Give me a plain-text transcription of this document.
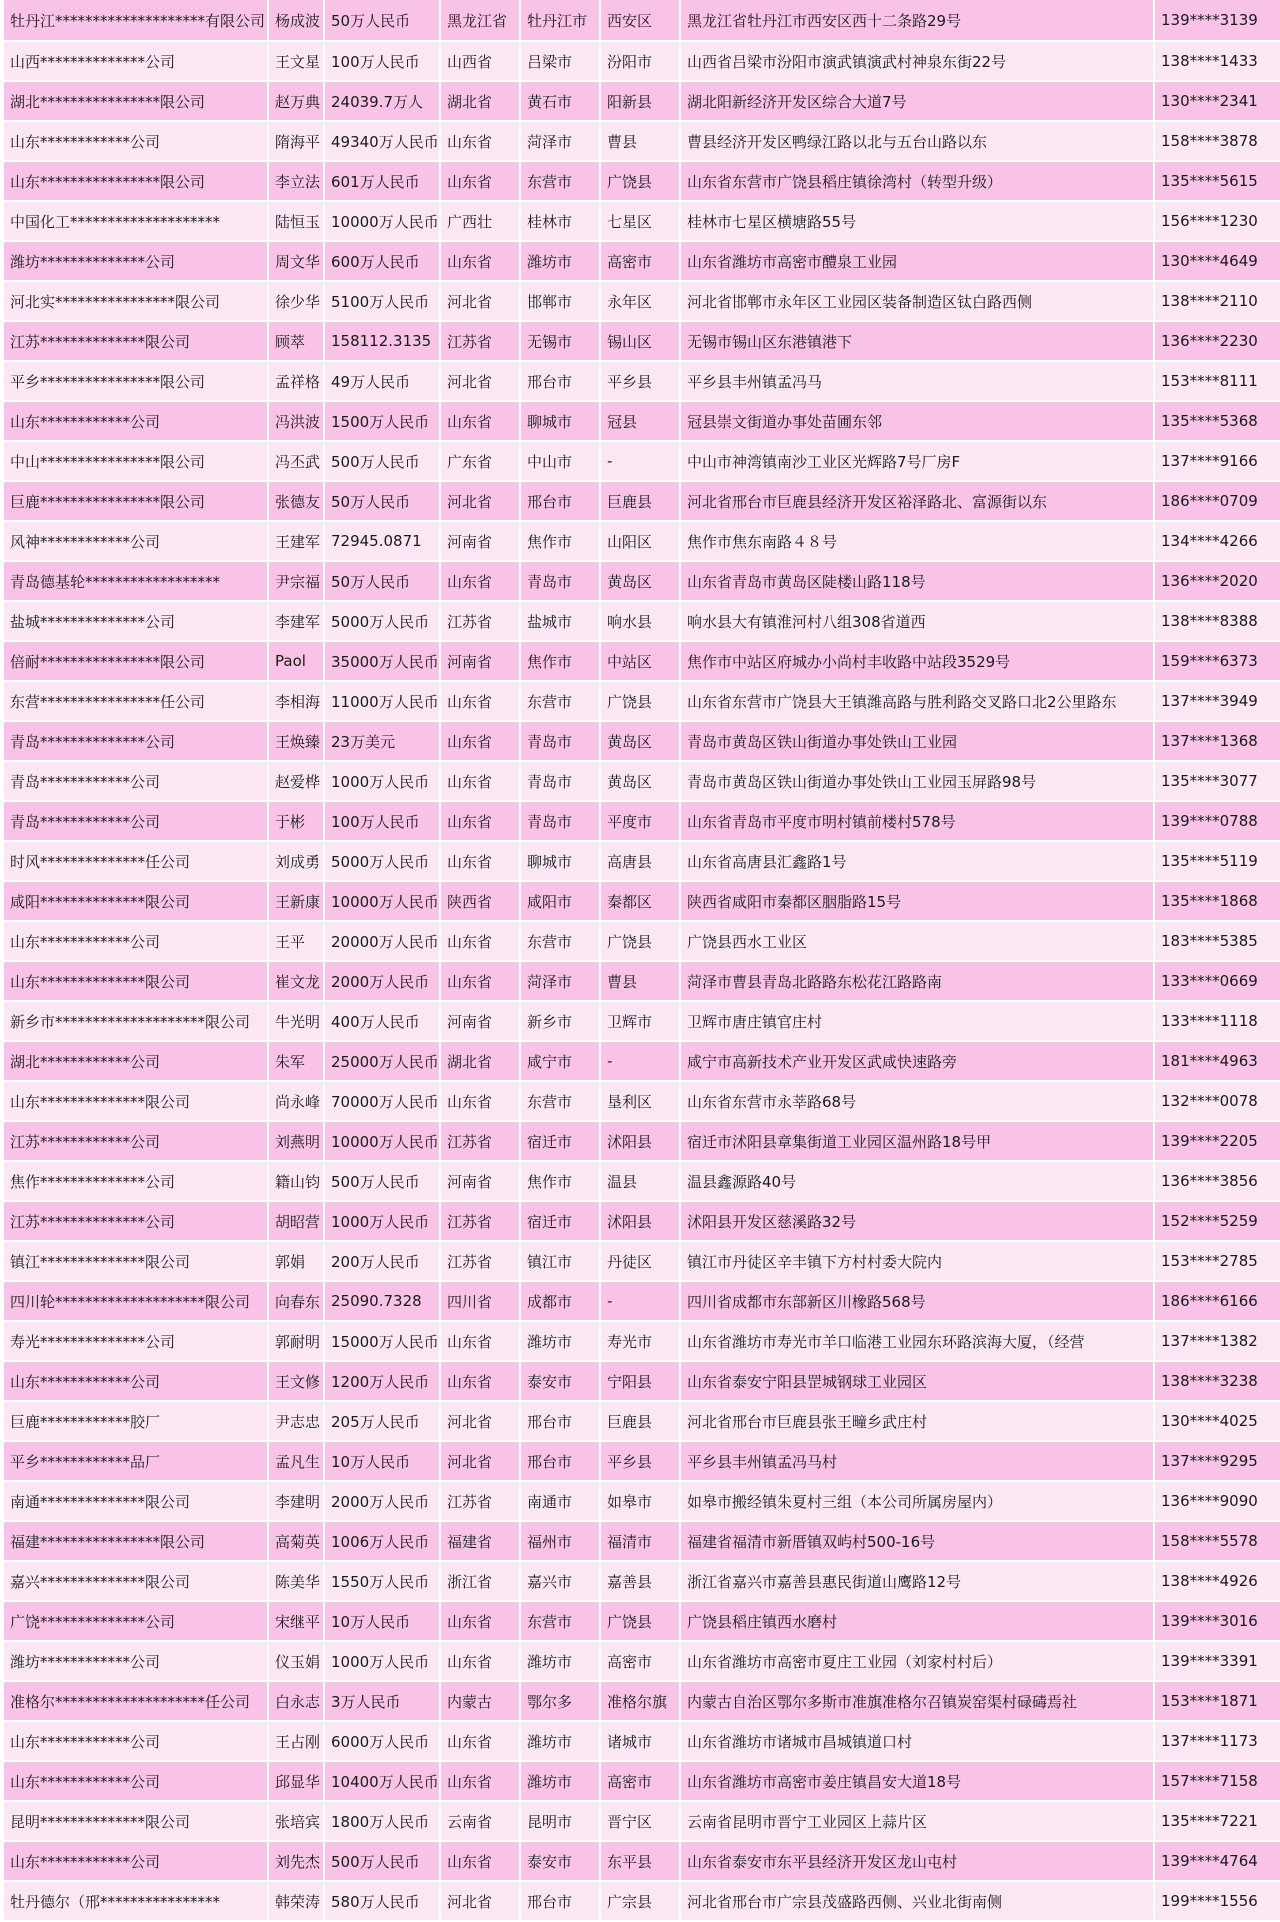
牡丹江********************有限公司	杨成波	50万人民币	黑龙江省	牡丹江市	西安区	黑龙江省牡丹江市西安区西十二条路29号	139****3139
山西**************公司	王文星	100万人民币	山西省	吕梁市	汾阳市	山西省吕梁市汾阳市演武镇演武村神泉东街22号	138****1433
湖北****************限公司	赵万典	24039.7万人	湖北省	黄石市	阳新县	湖北阳新经济开发区综合大道7号	130****2341
山东************公司	隋海平	49340万人民币	山东省	菏泽市	曹县	曹县经济开发区鸭绿江路以北与五台山路以东	158****3878
山东****************限公司	李立法	601万人民币	山东省	东营市	广饶县	山东省东营市广饶县稻庄镇徐湾村（转型升级）	135****5615
中国化工********************	陆恒玉	10000万人民币	广西壮	桂林市	七星区	桂林市七星区横塘路55号	156****1230
潍坊**************公司	周文华	600万人民币	山东省	潍坊市	高密市	山东省潍坊市高密市醴泉工业园	130****4649
河北实****************限公司	徐少华	5100万人民币	河北省	邯郸市	永年区	河北省邯郸市永年区工业园区装备制造区钛白路西侧	138****2110
江苏**************限公司	顾萃	158112.3135	江苏省	无锡市	锡山区	无锡市锡山区东港镇港下	136****2230
平乡****************限公司	孟祥格	49万人民币	河北省	邢台市	平乡县	平乡县丰州镇孟冯马	153****8111
山东************公司	冯洪波	1500万人民币	山东省	聊城市	冠县	冠县崇文街道办事处苗圃东邻	135****5368
中山****************限公司	冯丕武	500万人民币	广东省	中山市	-	中山市神湾镇南沙工业区光辉路7号厂房F	137****9166
巨鹿****************限公司	张德友	50万人民币	河北省	邢台市	巨鹿县	河北省邢台市巨鹿县经济开发区裕泽路北、富源街以东	186****0709
风神************公司	王建军	72945.0871	河南省	焦作市	山阳区	焦作市焦东南路４８号	134****4266
青岛德基轮******************	尹宗福	50万人民币	山东省	青岛市	黄岛区	山东省青岛市黄岛区陡楼山路118号	136****2020
盐城**************公司	李建军	5000万人民币	江苏省	盐城市	响水县	响水县大有镇淮河村八组308省道西	138****8388
倍耐****************限公司	Paol	35000万人民币	河南省	焦作市	中站区	焦作市中站区府城办小尚村丰收路中站段3529号	159****6373
东营****************任公司	李相海	11000万人民币	山东省	东营市	广饶县	山东省东营市广饶县大王镇潍高路与胜利路交叉路口北2公里路东	137****3949
青岛**************公司	王焕臻	23万美元	山东省	青岛市	黄岛区	青岛市黄岛区铁山街道办事处铁山工业园	137****1368
青岛************公司	赵爱桦	1000万人民币	山东省	青岛市	黄岛区	青岛市黄岛区铁山街道办事处铁山工业园玉屏路98号	135****3077
青岛************公司	于彬	100万人民币	山东省	青岛市	平度市	山东省青岛市平度市明村镇前楼村578号	139****0788
时风**************任公司	刘成勇	5000万人民币	山东省	聊城市	高唐县	山东省高唐县汇鑫路1号	135****5119
咸阳**************限公司	王新康	10000万人民币	陕西省	咸阳市	秦都区	陕西省咸阳市秦都区胭脂路15号	135****1868
山东************公司	王平	20000万人民币	山东省	东营市	广饶县	广饶县西水工业区	183****5385
山东**************限公司	崔文龙	2000万人民币	山东省	菏泽市	曹县	菏泽市曹县青岛北路路东松花江路路南	133****0669
新乡市********************限公司	牛光明	400万人民币	河南省	新乡市	卫辉市	卫辉市唐庄镇官庄村	133****1118
湖北************公司	朱军	25000万人民币	湖北省	咸宁市	-	咸宁市高新技术产业开发区武咸快速路旁	181****4963
山东**************限公司	尚永峰	70000万人民币	山东省	东营市	垦利区	山东省东营市永莘路68号	132****0078
江苏************公司	刘燕明	10000万人民币	江苏省	宿迁市	沭阳县	宿迁市沭阳县章集街道工业园区温州路18号甲	139****2205
焦作**************公司	籍山钧	500万人民币	河南省	焦作市	温县	温县鑫源路40号	136****3856
江苏**************公司	胡昭营	1000万人民币	江苏省	宿迁市	沭阳县	沭阳县开发区慈溪路32号	152****5259
镇江**************限公司	郭娟	200万人民币	江苏省	镇江市	丹徒区	镇江市丹徒区辛丰镇下方村村委大院内	153****2785
四川轮********************限公司	向春东	25090.7328	四川省	成都市	-	四川省成都市东部新区川橡路568号	186****6166
寿光**************公司	郭耐明	15000万人民币	山东省	潍坊市	寿光市	山东省潍坊市寿光市羊口临港工业园东环路滨海大厦，（经营	137****1382
山东************公司	王文修	1200万人民币	山东省	泰安市	宁阳县	山东省泰安宁阳县罡城钢球工业园区	138****3238
巨鹿************胶厂	尹志忠	205万人民币	河北省	邢台市	巨鹿县	河北省邢台市巨鹿县张王疃乡武庄村	130****4025
平乡************品厂	孟凡生	10万人民币	河北省	邢台市	平乡县	平乡县丰州镇孟冯马村	137****9295
南通**************限公司	李建明	2000万人民币	江苏省	南通市	如皋市	如皋市搬经镇朱夏村三组（本公司所属房屋内）	136****9090
福建****************限公司	高菊英	1006万人民币	福建省	福州市	福清市	福建省福清市新厝镇双屿村500-16号	158****5578
嘉兴**************限公司	陈美华	1550万人民币	浙江省	嘉兴市	嘉善县	浙江省嘉兴市嘉善县惠民街道山鹰路12号	138****4926
广饶**************公司	宋继平	10万人民币	山东省	东营市	广饶县	广饶县稻庄镇西水磨村	139****3016
潍坊************公司	仪玉娟	1000万人民币	山东省	潍坊市	高密市	山东省潍坊市高密市夏庄工业园（刘家村村后）	139****3391
准格尔********************任公司	白永志	3万人民币	内蒙古	鄂尔多	准格尔旗	内蒙古自治区鄂尔多斯市准旗准格尔召镇炭窑渠村碌碡焉社	153****1871
山东************公司	王占刚	6000万人民币	山东省	潍坊市	诸城市	山东省潍坊市诸城市昌城镇道口村	137****1173
山东************公司	邱显华	10400万人民币	山东省	潍坊市	高密市	山东省潍坊市高密市姜庄镇昌安大道18号	157****7158
昆明**************限公司	张培宾	1800万人民币	云南省	昆明市	晋宁区	云南省昆明市晋宁工业园区上蒜片区	135****7221
山东************公司	刘先杰	500万人民币	山东省	泰安市	东平县	山东省泰安市东平县经济开发区龙山屯村	139****4764
牡丹德尔（邢****************	韩荣涛	580万人民币	河北省	邢台市	广宗县	河北省邢台市广宗县茂盛路西侧、兴业北街南侧	199****1556
